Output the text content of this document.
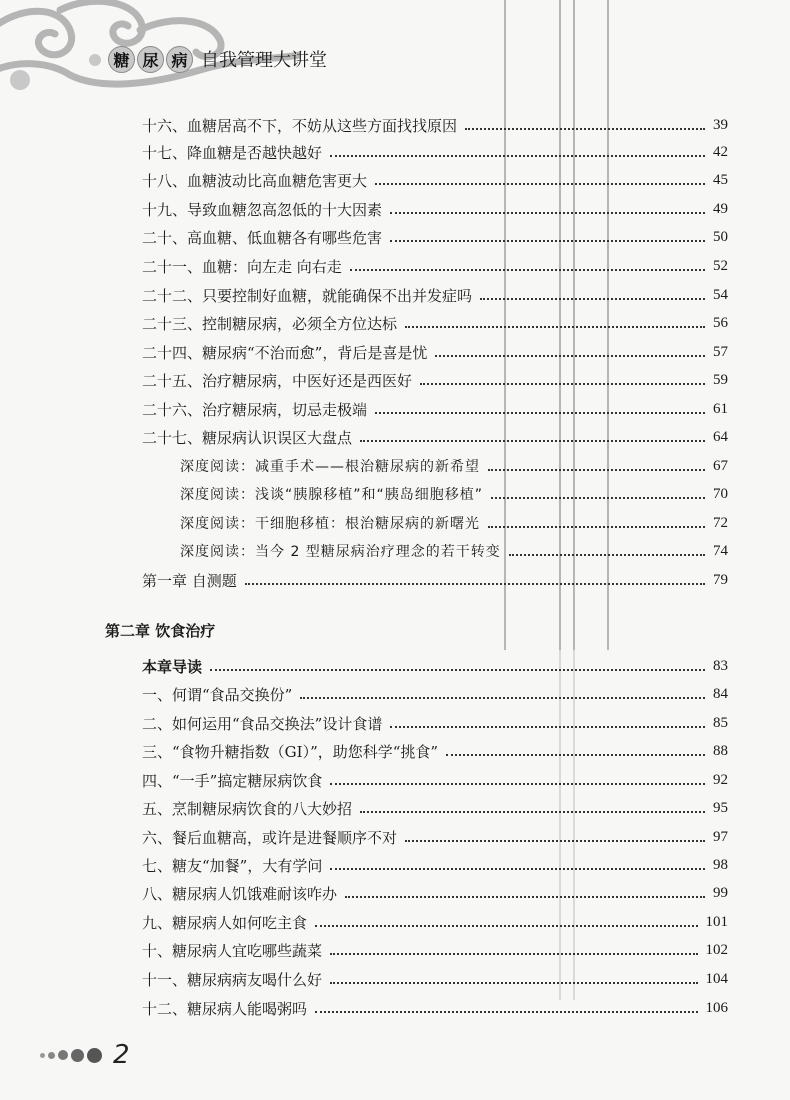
糖 尿 病 自我管理大讲堂
十六、血糖居高不下，不妨从这些方面找找原因	39
十七、降血糖是否越快越好	42
十八、血糖波动比高血糖危害更大	45
十九、导致血糖忽高忽低的十大因素	49
二十、高血糖、低血糖各有哪些危害	50
二十一、血糖：向左走 向右走	52
二十二、只要控制好血糖，就能确保不出并发症吗	54
二十三、控制糖尿病，必须全方位达标	56
二十四、糖尿病“不治而愈”，背后是喜是忧	57
二十五、治疗糖尿病，中医好还是西医好	59
二十六、治疗糖尿病，切忌走极端	61
二十七、糖尿病认识误区大盘点	64
深度阅读：减重手术——根治糖尿病的新希望	67
深度阅读：浅谈“胰腺移植”和“胰岛细胞移植”	70
深度阅读：干细胞移植：根治糖尿病的新曙光	72
深度阅读：当今 2 型糖尿病治疗理念的若干转变	74
第一章 自测题	79
第二章 饮食治疗
本章导读	83
一、何谓“食品交换份”	84
二、如何运用“食品交换法”设计食谱	85
三、“食物升糖指数（GI）”，助您科学“挑食”	88
四、“一手”搞定糖尿病饮食	92
五、烹制糖尿病饮食的八大妙招	95
六、餐后血糖高，或许是进餐顺序不对	97
七、糖友“加餐”，大有学问	98
八、糖尿病人饥饿难耐该咋办	99
九、糖尿病人如何吃主食	101
十、糖尿病人宜吃哪些蔬菜	102
十一、糖尿病病友喝什么好	104
十二、糖尿病人能喝粥吗	106
2
